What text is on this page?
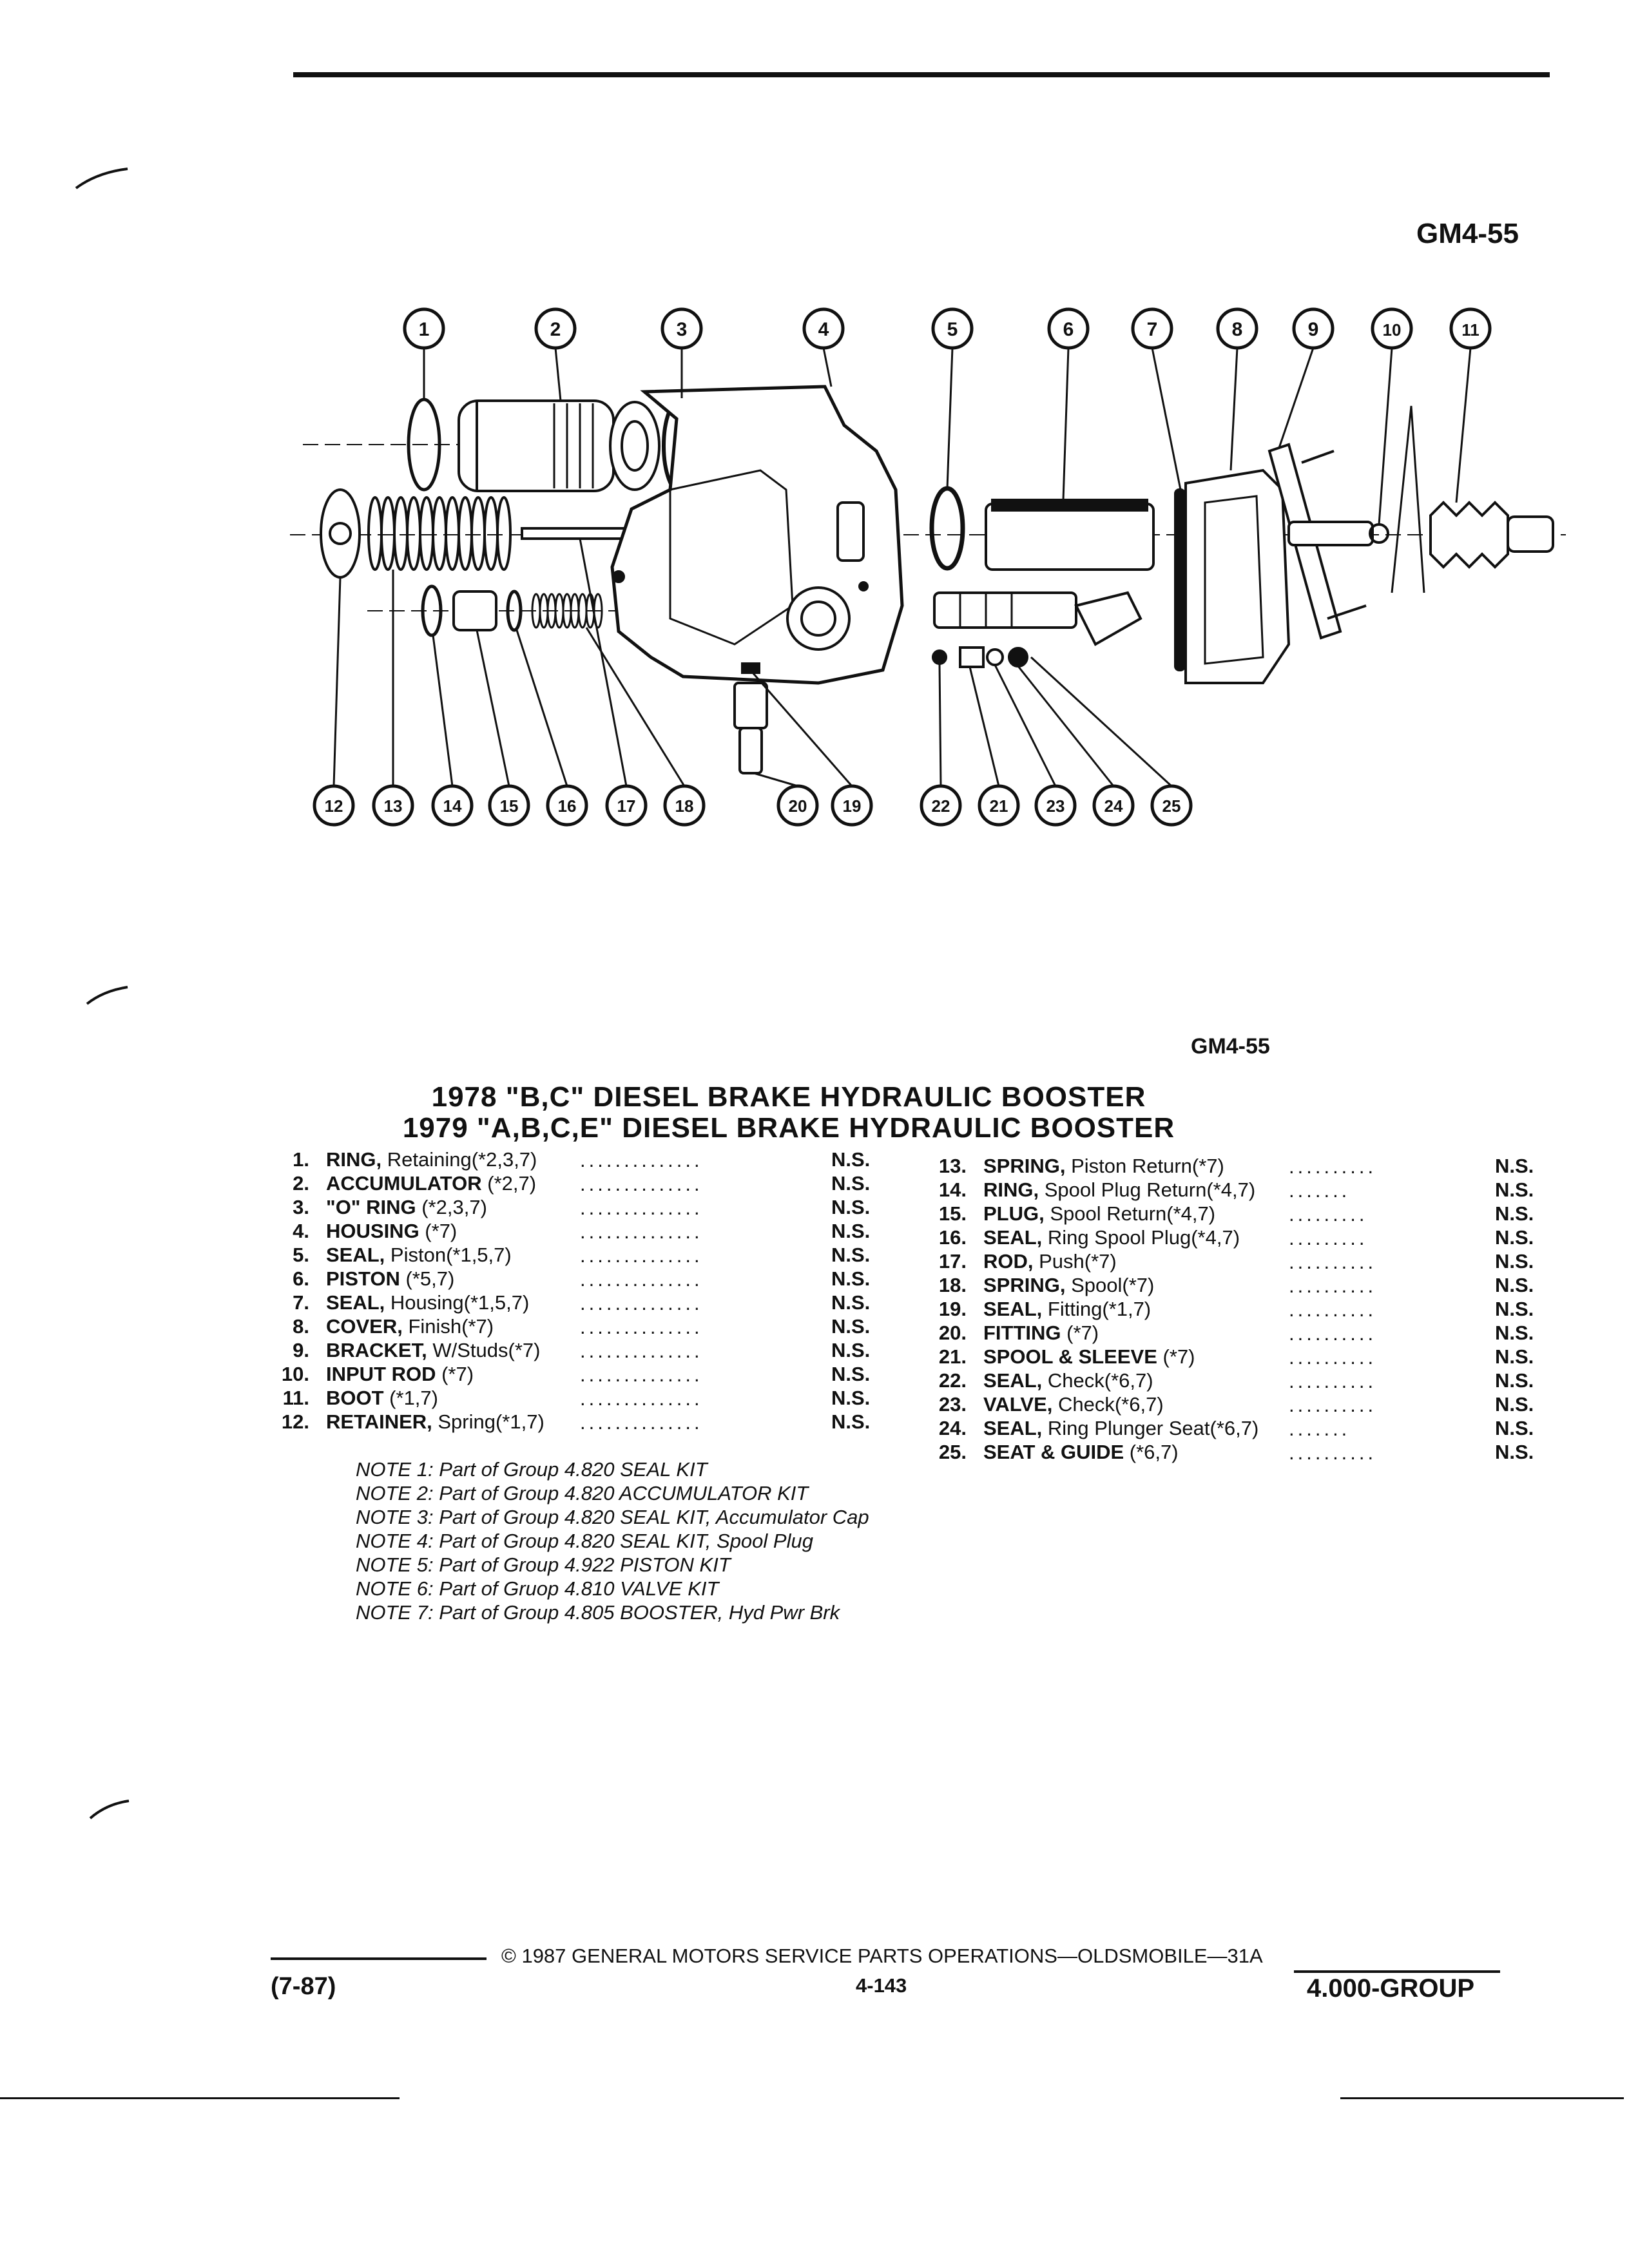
GM4-55
1	2	3	4	5	6	7	8	9	10	11
12 13 14 15 16 17 18	20 19	22 21 23 24 25
GM4-55
1978 "B,C" DIESEL BRAKE HYDRAULIC BOOSTER
1979 "A,B,C,E" DIESEL BRAKE HYDRAULIC BOOSTER
1. RING, Retaining(*2,3,7)	N.S.
2. ACCUMULATOR (*2,7)	N.S.
3. "O" RING (*2,3,7)	N.S.
4. HOUSING (*7)	N.S.
5. SEAL, Piston(*1,5,7)	N.S.
6. PISTON (*5,7)	N.S.
7. SEAL, Housing(*1,5,7)	N.S.
8. COVER, Finish(*7)	N.S.
9. BRACKET, W/Studs(*7)	N.S.
10. INPUT ROD (*7)	N.S.
11. BOOT (*1,7)	N.S.
12. RETAINER, Spring(*1,7)	N.S.
..............
..............
..............
..............
..............
..............
..............
..............
..............
..............
..............
..............
13. SPRING, Piston Return(*7)	N.S.
14. RING, Spool Plug Return(*4,7)	N.S.
15. PLUG, Spool Return(*4,7)	N.S.
16. SEAL, Ring Spool Plug(*4,7)	N.S.
17. ROD, Push(*7)	N.S.
18. SPRING, Spool(*7)	N.S.
19. SEAL, Fitting(*1,7)	N.S.
20. FITTING (*7)	N.S.
21. SPOOL & SLEEVE (*7)	N.S.
22. SEAL, Check(*6,7)	N.S.
23. VALVE, Check(*6,7)	N.S.
24. SEAL, Ring Plunger Seat(*6,7)	N.S.
25. SEAT & GUIDE (*6,7)	N.S.
..........
.......
.........
.........
..........
..........
..........
..........
..........
..........
..........
.......
..........
NOTE 1: Part of Group 4.820 SEAL KIT
NOTE 2: Part of Group 4.820 ACCUMULATOR KIT
NOTE 3: Part of Group 4.820 SEAL KIT, Accumulator Cap
NOTE 4: Part of Group 4.820 SEAL KIT, Spool Plug
NOTE 5: Part of Group 4.922 PISTON KIT
NOTE 6: Part of Gruop 4.810 VALVE KIT
NOTE 7: Part of Group 4.805 BOOSTER, Hyd Pwr Brk
© 1987 GENERAL MOTORS SERVICE PARTS OPERATIONS—OLDSMOBILE—31A
(7-87)	4-143	4.000-GROUP
